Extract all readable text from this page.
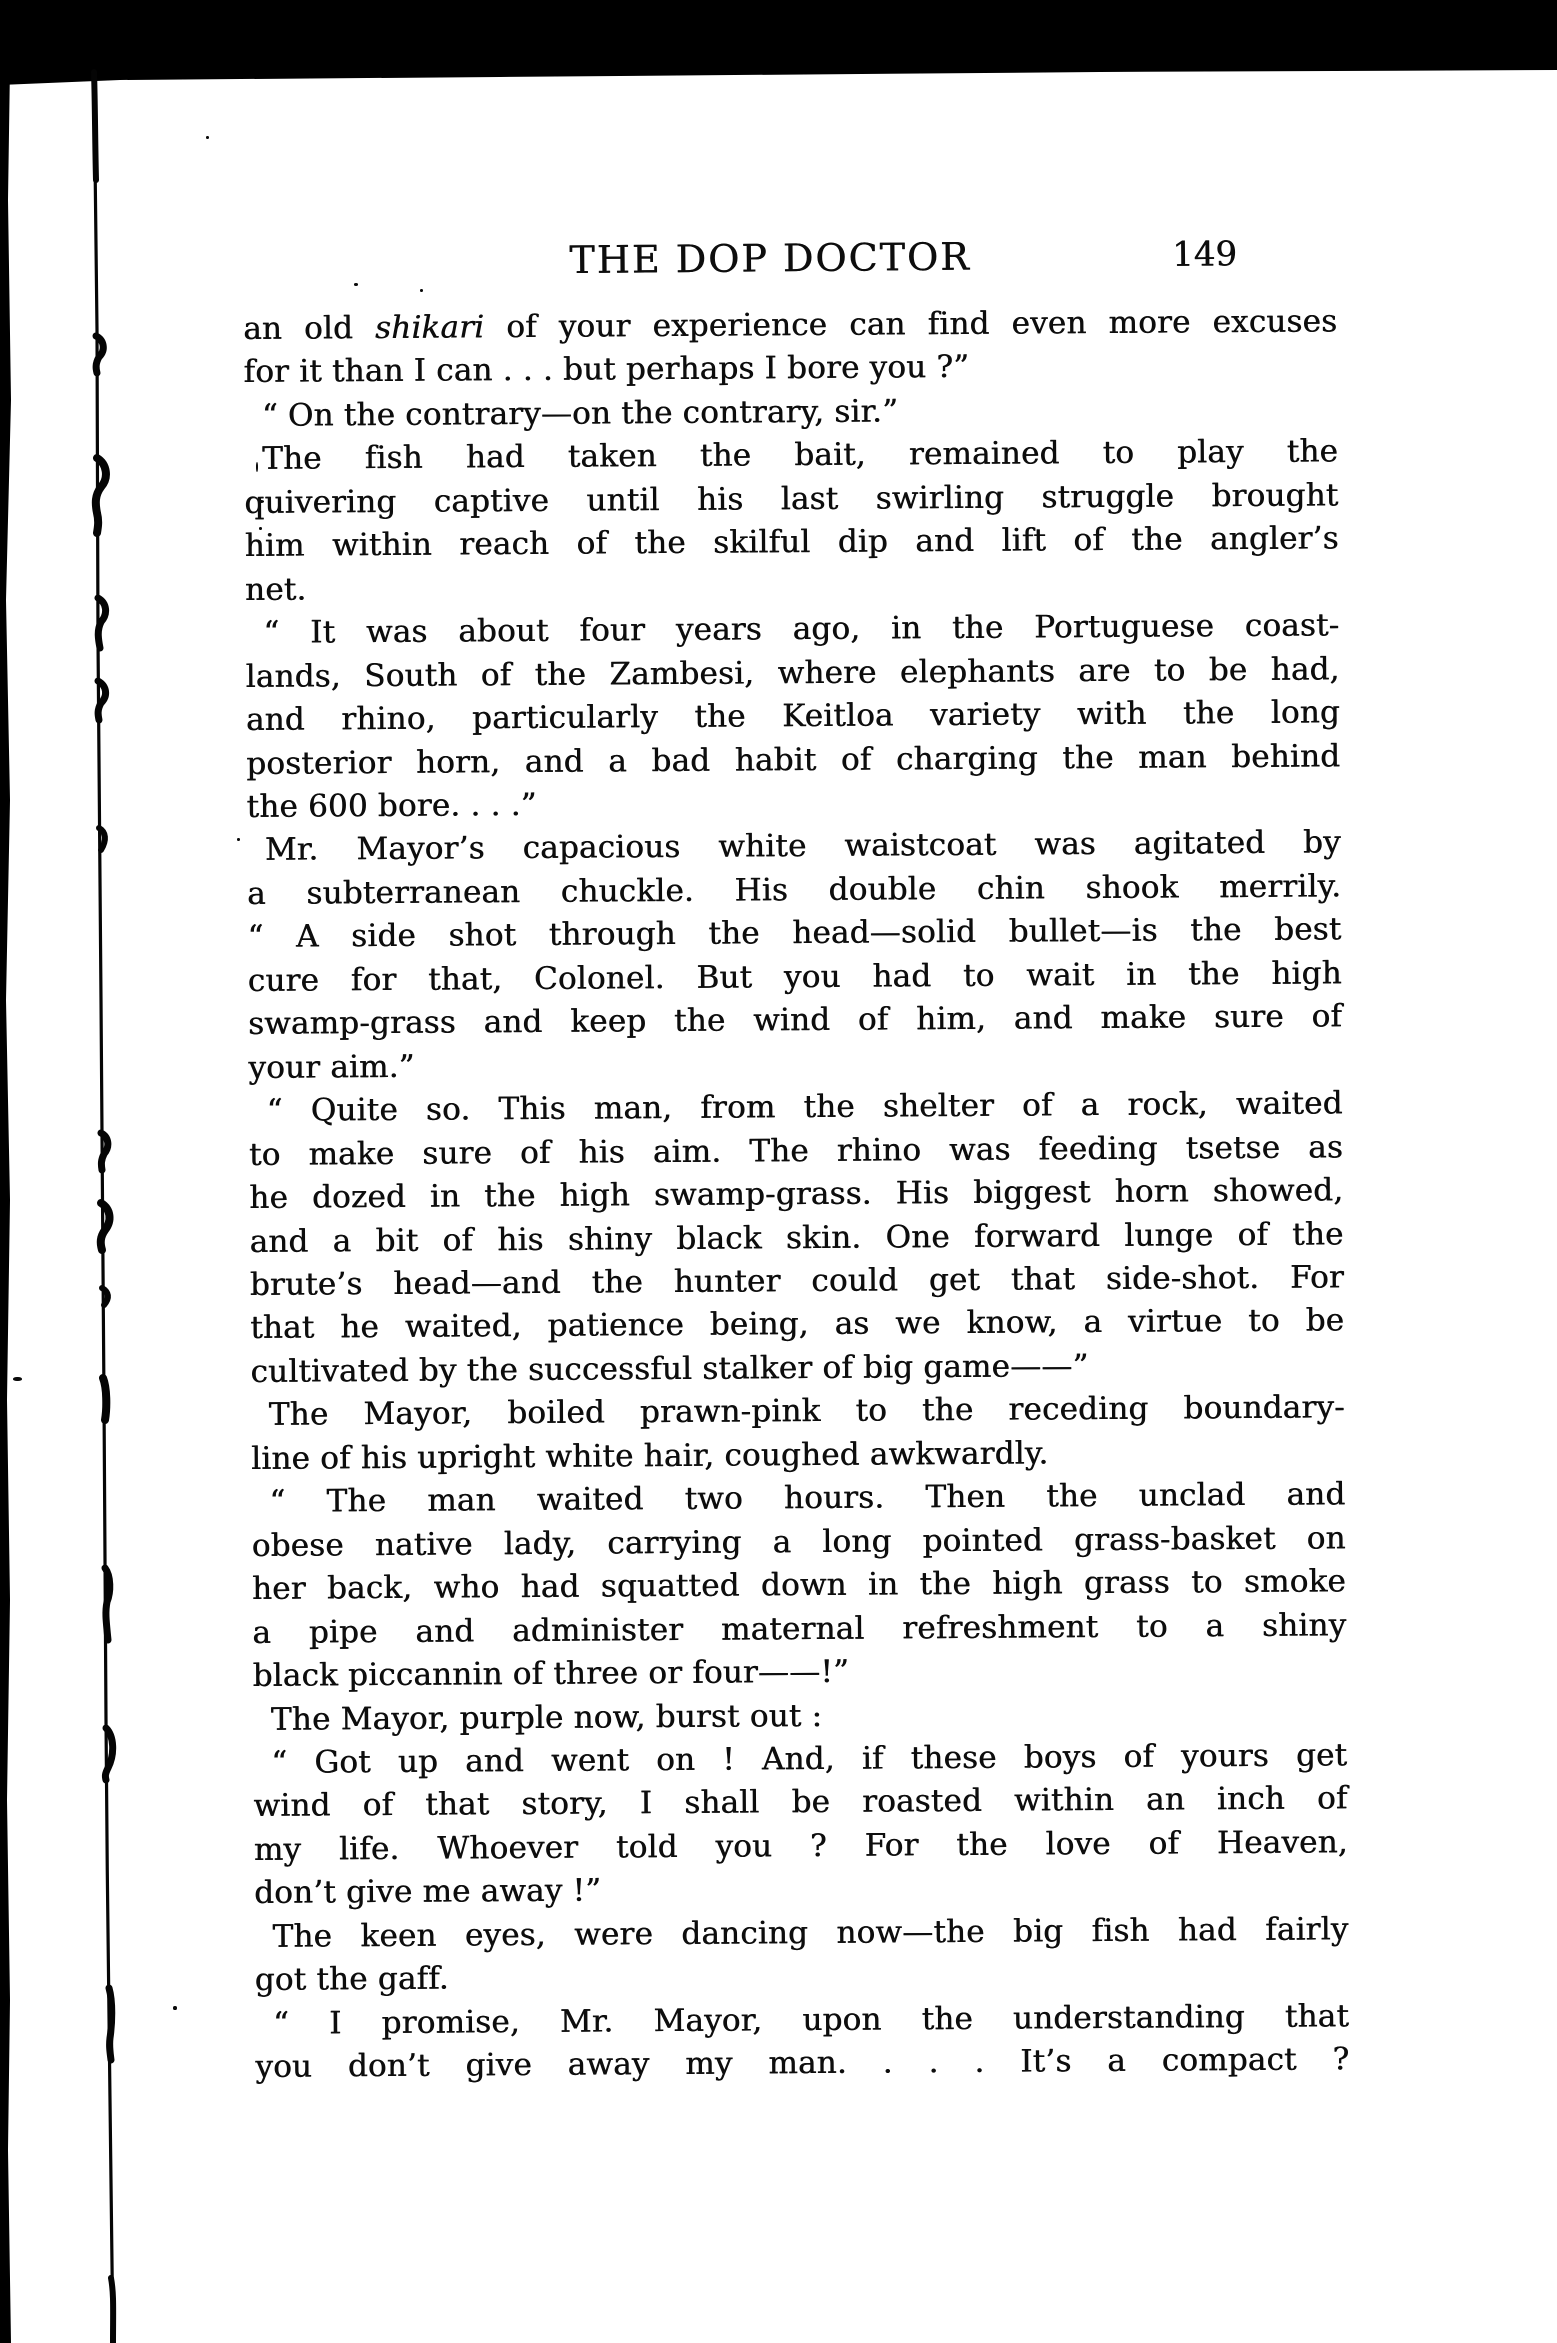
THE DOP DOCTOR	149
an old shikari of your experience can find even more excuses
for it than I can . . . but perhaps I bore you ?”
“ On the contrary—on the contrary, sir.”
The fish had taken the bait, remained to play the
quivering captive until his last swirling struggle brought
him within reach of the skilful dip and lift of the angler’s
net.
“ It was about four years ago, in the Portuguese coast-
lands, South of the Zambesi, where elephants are to be had,
and rhino, particularly the Keitloa variety with the long
posterior horn, and a bad habit of charging the man behind
the 600 bore. . . .”
Mr. Mayor’s capacious white waistcoat was agitated by
a subterranean chuckle. His double chin shook merrily.
“ A side shot through the head—solid bullet—is the best
cure for that, Colonel. But you had to wait in the high
swamp-grass and keep the wind of him, and make sure of
your aim.”
“ Quite so. This man, from the shelter of a rock, waited
to make sure of his aim. The rhino was feeding tsetse as
he dozed in the high swamp-grass. His biggest horn showed,
and a bit of his shiny black skin. One forward lunge of the
brute’s head—and the hunter could get that side-shot. For
that he waited, patience being, as we know, a virtue to be
cultivated by the successful stalker of big game——”
The Mayor, boiled prawn-pink to the receding boundary-
line of his upright white hair, coughed awkwardly.
“ The man waited two hours. Then the unclad and
obese native lady, carrying a long pointed grass-basket on
her back, who had squatted down in the high grass to smoke
a pipe and administer maternal refreshment to a shiny
black piccannin of three or four——!”
The Mayor, purple now, burst out :
“ Got up and went on ! And, if these boys of yours get
wind of that story, I shall be roasted within an inch of
my life. Whoever told you ? For the love of Heaven,
don’t give me away !”
The keen eyes, were dancing now—the big fish had fairly
got the gaff.
“ I promise, Mr. Mayor, upon the understanding that
you don’t give away my man. . . . It’s a compact ?
